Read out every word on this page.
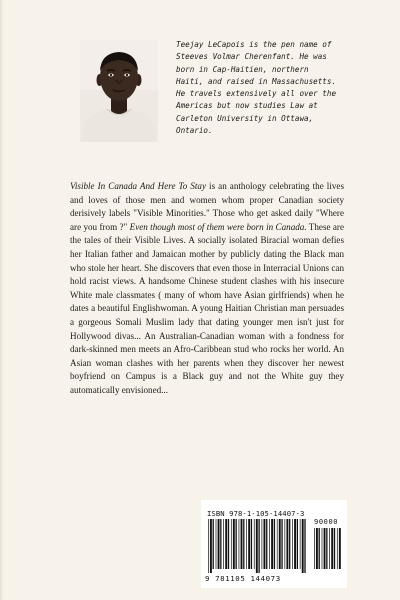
Teejay LeCapois is the pen name of Steeves Volmar Cherenfant. He was born in Cap-Haitien, northern Haiti, and raised in Massachusetts. He travels extensively all over the Americas but now studies Law at Carleton University in Ottawa, Ontario.

Visible In Canada And Here To Stay is an anthology celebrating the lives and loves of those men and women whom proper Canadian society derisively labels "Visible Minorities." Those who get asked daily "Where are you from ?" Even though most of them were born in Canada. These are the tales of their Visible Lives. A socially isolated Biracial woman defies her Italian father and Jamaican mother by publicly dating the Black man who stole her heart. She discovers that even those in Interracial Unions can hold racist views. A handsome Chinese student clashes with his insecure White male classmates ( many of whom have Asian girlfriends) when he dates a beautiful Englishwoman. A young Haitian Christian man persuades a gorgeous Somali Muslim lady that dating younger men isn't just for Hollywood divas... An Australian-Canadian woman with a fondness for dark-skinned men meets an Afro-Caribbean stud who rocks her world. An Asian woman clashes with her parents when they discover her newest boyfriend on Campus is a Black guy and not the White guy they automatically envisioned...

ISBN 978-1-105-14407-3
90000
9 781105 144073
